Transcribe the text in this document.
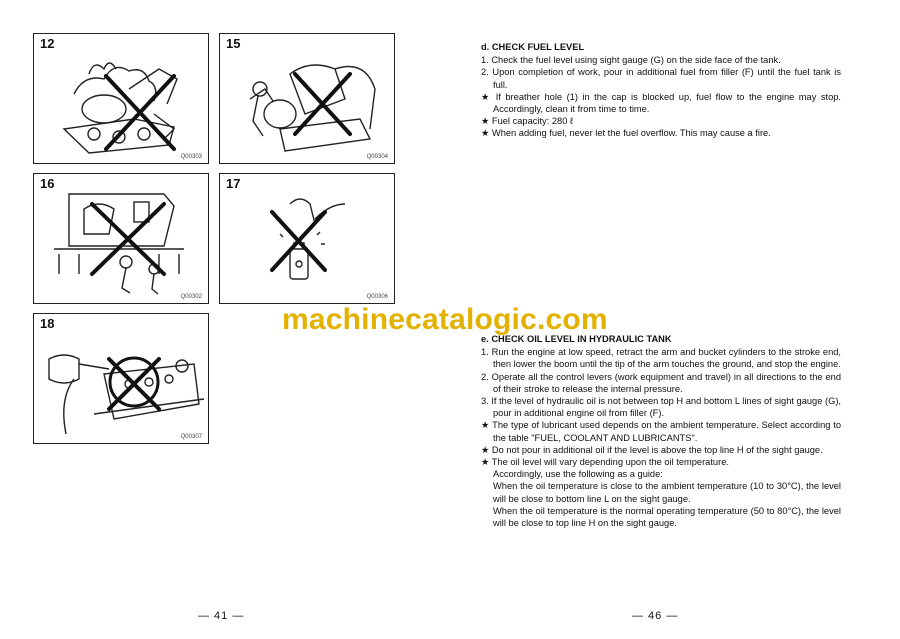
12
Q00303
15
Q00304
16
Q00302
17
Q00306
18
Q00307
— 41 —
d. CHECK FUEL LEVEL

1. Check the fuel level using sight gauge (G) on the side face of the tank.

2. Upon completion of work, pour in additional fuel from filler (F) until the fuel tank is full.

★ If breather hole (1) in the cap is blocked up, fuel flow to the engine may stop. Accordingly, clean it from time to time.

★ Fuel capacity: 280 ℓ

★ When adding fuel, never let the fuel overflow. This may cause a fire.

e. CHECK OIL LEVEL IN HYDRAULIC TANK

1. Run the engine at low speed, retract the arm and bucket cylinders to the stroke end, then lower the boom until the tip of the arm touches the ground, and stop the engine.

2. Operate all the control levers (work equipment and travel) in all directions to the end of their stroke to release the internal pressure.

3. If the level of hydraulic oil is not between top H and bottom L lines of sight gauge (G), pour in additional engine oil from filler (F).

★ The type of lubricant used depends on the ambient temperature. Select according to the table "FUEL, COOLANT AND LUBRICANTS".

★ Do not pour in additional oil if the level is above the top line H of the sight gauge.

★ The oil level will vary depending upon the oil temperature.

Accordingly, use the following as a guide:

When the oil temperature is close to the ambient temperature (10 to 30°C), the level will be close to bottom line L on the sight gauge.

When the oil temperature is the normal operating temperature (50 to 80°C), the level will be close to top line H on the sight gauge.

— 46 —
machinecatalogic.com
